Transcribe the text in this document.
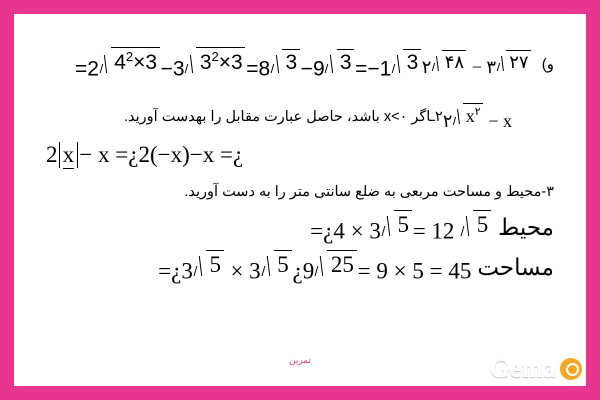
و)
۲ ۴۸ − ۳ ۲۷
=2 $4^2\times 3 -3$ $3^2\times 3 =8$ 3 −9 3 =−1 3
۲ $x^۲ - x$
۲ـاگر x<۰ باشد، حاصل عبارت مقابل را بهدست آورید.
2 x −
x
= ¿ 2 (−x) − x
= ¿
۳-محیط و مساحت مربعی به ضلع سانتی متر را به دست آورید.
محیط
=¿4 × 3 5 = 12 5
مساحت
=¿3 5 × 3 5 ¿9 25 = 9 × 5 = 45
تمرین	Gema
